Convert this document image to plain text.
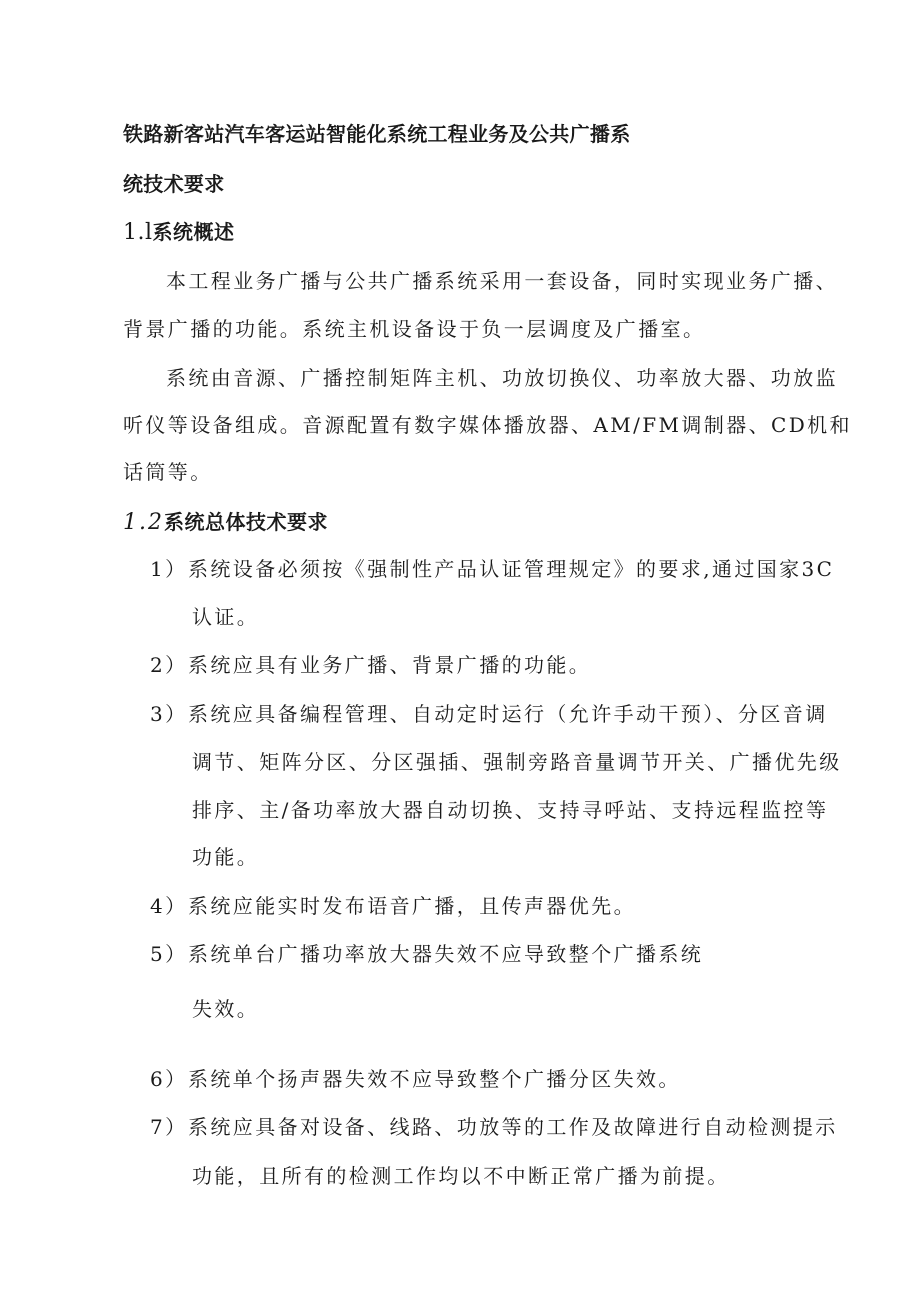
铁路新客站汽车客运站智能化系统工程业务及公共广播系
统技术要求
1.l系统概述
本工程业务广播与公共广播系统采用一套设备，同时实现业务广播、
背景广播的功能。系统主机设备设于负一层调度及广播室。
系统由音源、广播控制矩阵主机、功放切换仪、功率放大器、功放监
听仪等设备组成。音源配置有数字媒体播放器、AM/FM调制器、CD机和
话筒等。
1.2系统总体技术要求
1）系统设备必须按《强制性产品认证管理规定》的要求,通过国家3C
认证。
2）系统应具有业务广播、背景广播的功能。
3）系统应具备编程管理、自动定时运行（允许手动干预）、分区音调
调节、矩阵分区、分区强插、强制旁路音量调节开关、广播优先级
排序、主/备功率放大器自动切换、支持寻呼站、支持远程监控等
功能。
4）系统应能实时发布语音广播，且传声器优先。
5）系统单台广播功率放大器失效不应导致整个广播系统
失效。
6）系统单个扬声器失效不应导致整个广播分区失效。
7）系统应具备对设备、线路、功放等的工作及故障进行自动检测提示
功能，且所有的检测工作均以不中断正常广播为前提。
